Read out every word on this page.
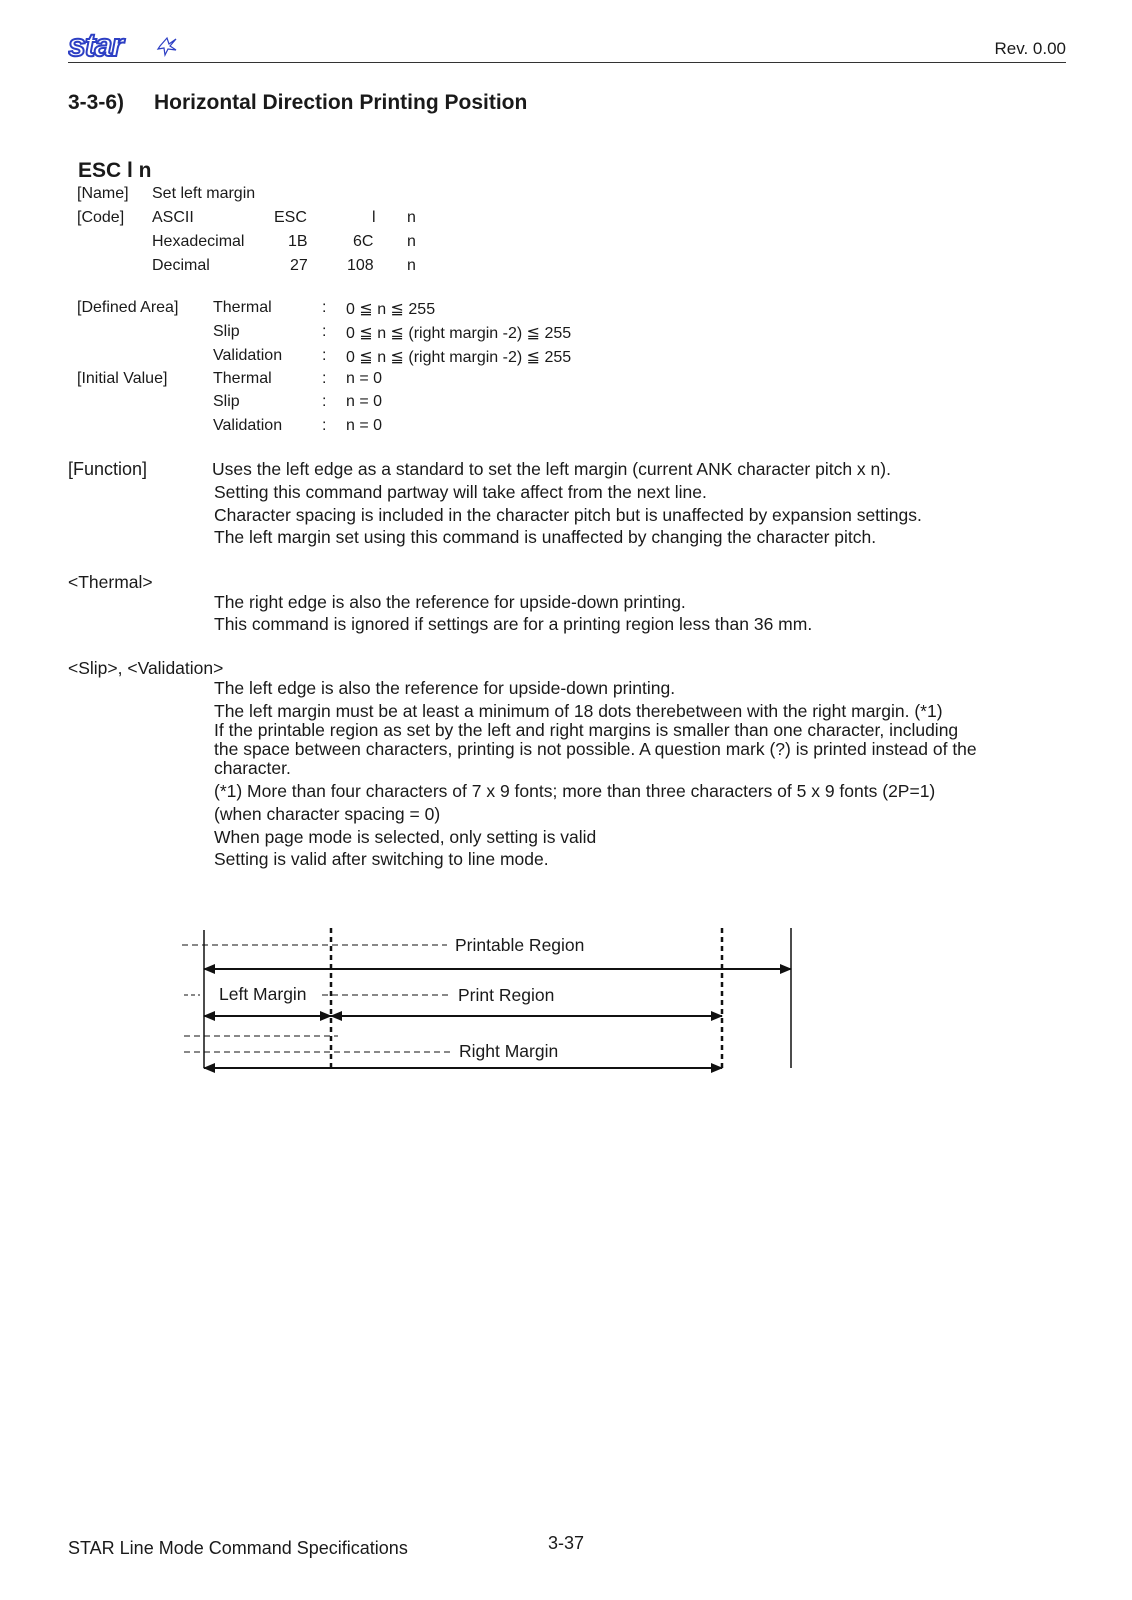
star	Rev. 0.00
3-3-6) Horizontal Direction Printing Position
ESC l n
[Name] Set left margin
[Code] ASCII	ESC	l n
Hexadecimal	1B	6C n
Decimal	27 108 n
[Defined Area] Thermal	: 0 ≦ n ≦ 255
Slip	: 0 ≦ n ≦ (right margin -2) ≦ 255
Validation : 0 ≦ n ≦ (right margin -2) ≦ 255
[Initial Value]	Thermal	: n = 0
Slip	: n = 0
Validation : n = 0
[Function]	Uses the left edge as a standard to set the left margin (current ANK character pitch x n).
Setting this command partway will take affect from the next line.
Character spacing is included in the character pitch but is unaffected by expansion settings.
The left margin set using this command is unaffected by changing the character pitch.
<Thermal>
The right edge is also the reference for upside-down printing.
This command is ignored if settings are for a printing region less than 36 mm.
<Slip>, <Validation>
The left edge is also the reference for upside-down printing.
The left margin must be at least a minimum of 18 dots therebetween with the right margin. (*1)
If the printable region as set by the left and right margins is smaller than one character, including
the space between characters, printing is not possible. A question mark (?) is printed instead of the
character.
(*1) More than four characters of 7 x 9 fonts; more than three characters of 5 x 9 fonts (2P=1)
(when character spacing = 0)
When page mode is selected, only setting is valid
Setting is valid after switching to line mode.
Printable Region
Left Margin	Print Region
Right Margin
STAR Line Mode Command Specifications	3-37
